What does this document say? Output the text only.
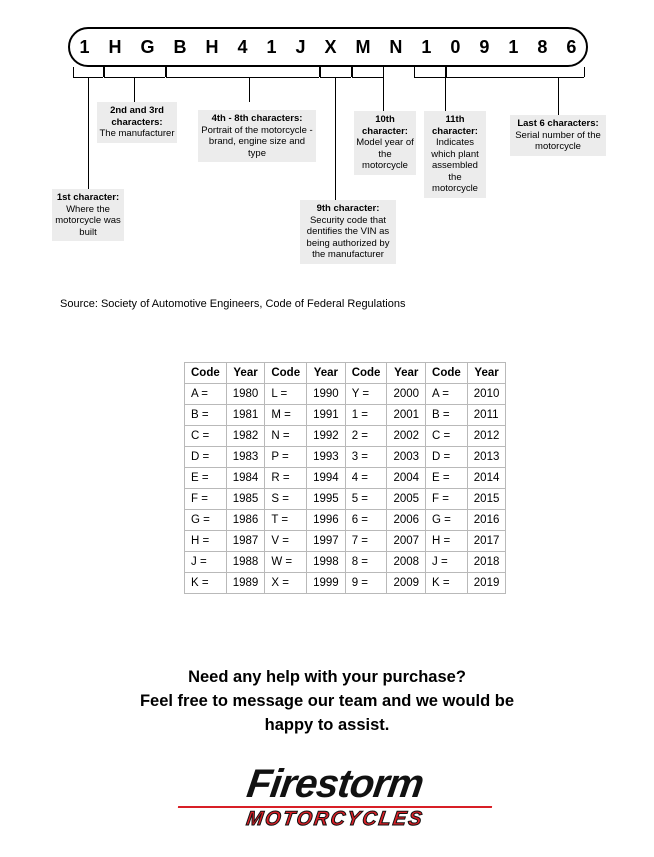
1	H	G	B	H	4	1	J	X	M	N	1	0	9	1	8	6
1st character:
Where the motorcycle was built
2nd and 3rd characters:
The manufacturer
4th - 8th characters:
Portrait of the motorcycle - brand, engine size and type
9th character:
Security code that dentifies the VIN as being authorized by the manufacturer
10th character:
Model year of the motorcycle
11th character:
Indicates which plant assembled the motorcycle
Last 6 characters:
Serial number of the motorcycle
Source: Society of Automotive Engineers, Code of Federal Regulations
Code	Year	Code	Year	Code	Year	Code	Year
A =	1980	L =	1990	Y =	2000	A =	2010
B =	1981	M =	1991	1 =	2001	B =	2011
C =	1982	N =	1992	2 =	2002	C =	2012
D =	1983	P =	1993	3 =	2003	D =	2013
E =	1984	R =	1994	4 =	2004	E =	2014
F =	1985	S =	1995	5 =	2005	F =	2015
G =	1986	T =	1996	6 =	2006	G =	2016
H =	1987	V =	1997	7 =	2007	H =	2017
J =	1988	W =	1998	8 =	2008	J =	2018
K =	1989	X =	1999	9 =	2009	K =	2019
Need any help with your purchase?
Feel free to message our team and we would be
happy to assist.
Firestorm
MOTORCYCLES
